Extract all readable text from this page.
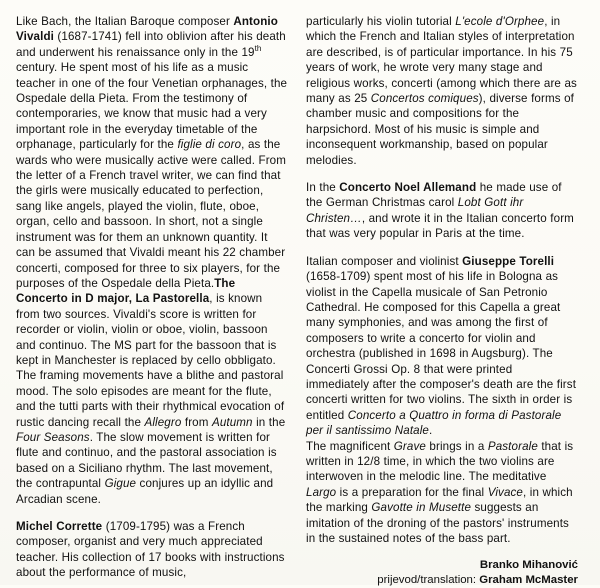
Like Bach, the Italian Baroque composer Antonio Vivaldi (1687-1741) fell into oblivion after his death and underwent his renaissance only in the 19th century. He spent most of his life as a music teacher in one of the four Venetian orphanages, the Ospedale della Pieta. From the testimony of contemporaries, we know that music had a very important role in the everyday timetable of the orphanage, particularly for the figlie di coro, as the wards who were musically active were called. From the letter of a French travel writer, we can find that the girls were musically educated to perfection, sang like angels, played the violin, flute, oboe, organ, cello and bassoon. In short, not a single instrument was for them an unknown quantity. It can be assumed that Vivaldi meant his 22 chamber concerti, composed for three to six players, for the purposes of the Ospedale della Pieta.The Concerto in D major, La Pastorella, is known from two sources. Vivaldi's score is written for recorder or violin, violin or oboe, violin, bassoon and continuo. The MS part for the bassoon that is kept in Manchester is replaced by cello obbligato. The framing movements have a blithe and pastoral mood. The solo episodes are meant for the flute, and the tutti parts with their rhythmical evocation of rustic dancing recall the Allegro from Autumn in the Four Seasons. The slow movement is written for flute and continuo, and the pastoral association is based on a Siciliano rhythm. The last movement, the contrapuntal Gigue conjures up an idyllic and Arcadian scene.

Michel Corrette (1709-1795) was a French composer, organist and very much appreciated teacher. His collection of 17 books with instructions about the performance of music,

particularly his violin tutorial L'ecole d'Orphee, in which the French and Italian styles of interpretation are described, is of particular importance. In his 75 years of work, he wrote very many stage and religious works, concerti (among which there are as many as 25 Concertos comiques), diverse forms of chamber music and compositions for the harpsichord. Most of his music is simple and inconsequent workmanship, based on popular melodies.

In the Concerto Noel Allemand he made use of the German Christmas carol Lobt Gott ihr Christen…, and wrote it in the Italian concerto form that was very popular in Paris at the time.

Italian composer and violinist Giuseppe Torelli (1658-1709) spent most of his life in Bologna as violist in the Capella musicale of San Petronio Cathedral. He composed for this Capella a great many symphonies, and was among the first of composers to write a concerto for violin and orchestra (published in 1698 in Augsburg). The Concerti Grossi Op. 8 that were printed immediately after the composer's death are the first concerti written for two violins. The sixth in order is entitled Concerto a Quattro in forma di Pastorale per il santissimo Natale.

The magnificent Grave brings in a Pastorale that is written in 12/8 time, in which the two violins are interwoven in the melodic line. The meditative Largo is a preparation for the final Vivace, in which the marking Gavotte in Musette suggests an imitation of the droning of the pastors' instruments in the sustained notes of the bass part.

Branko Mihanović
prijevod/translation: Graham McMaster
